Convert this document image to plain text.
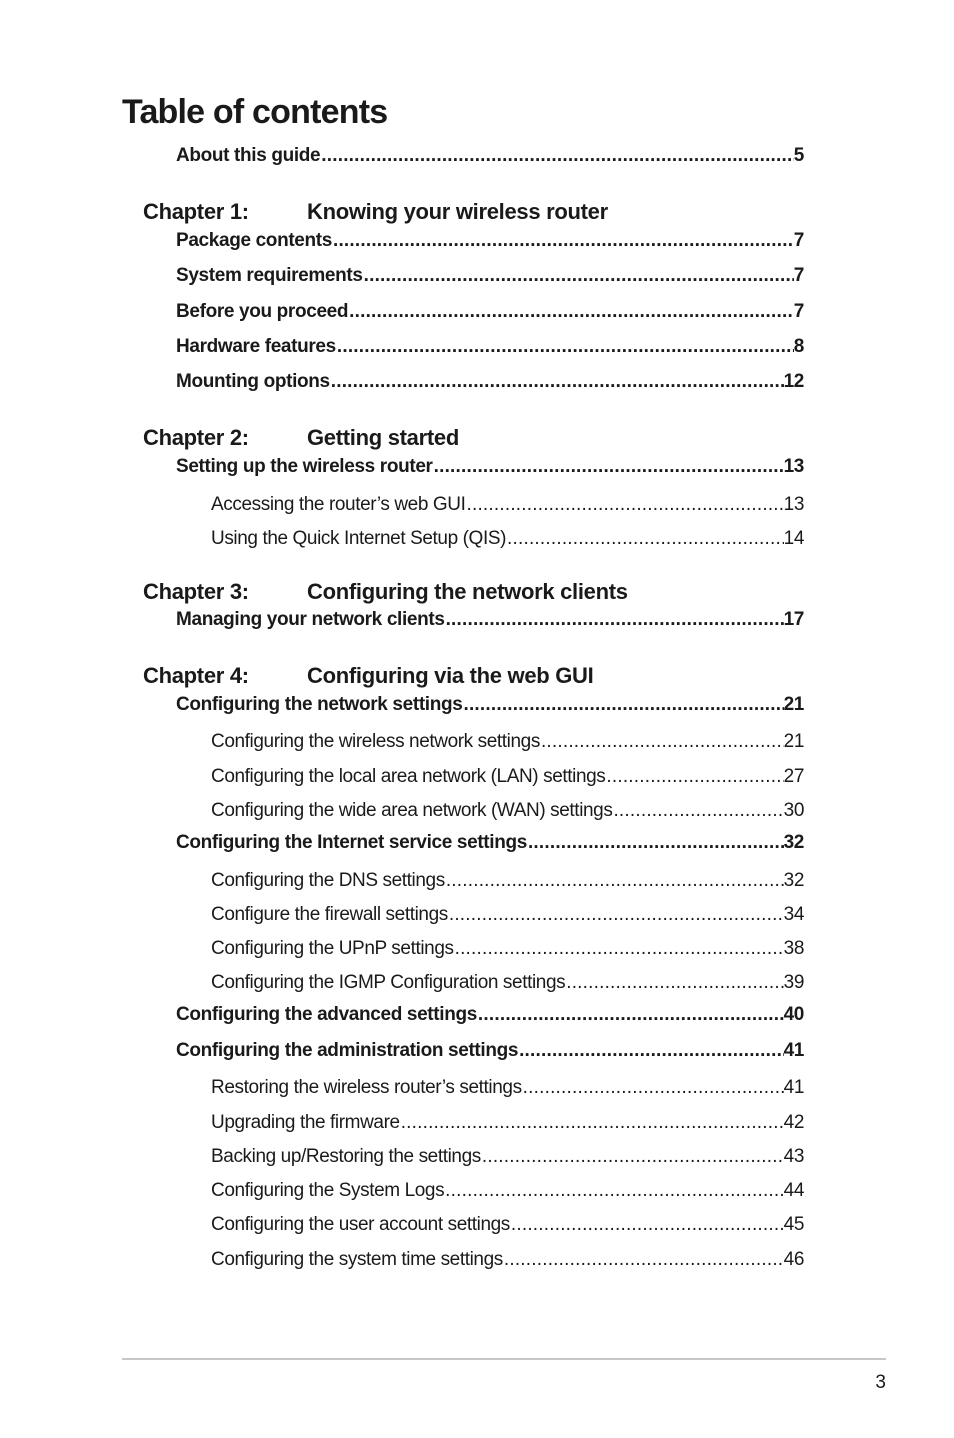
Table of contents
About this guide .....	5
Chapter 1:	Knowing your wireless router
Package contents .....	7
System requirements .....	7
Before you proceed .....	7
Hardware features .....	8
Mounting options .....	12
Chapter 2:	Getting started
Setting up the wireless router .....	13
Accessing the router’s web GUI .....	13
Using the Quick Internet Setup (QIS) .....	14
Chapter 3:	Configuring the network clients
Managing your network clients .....	17
Chapter 4:	Configuring via the web GUI
Configuring the network settings .....	21
Configuring the wireless network settings .....	21
Configuring the local area network (LAN) settings .....	27
Configuring the wide area network (WAN) settings .....	30
Configuring the Internet service settings .....	32
Configuring the DNS settings .....	32
Configure the firewall settings .....	34
Configuring the UPnP settings .....	38
Configuring the IGMP Configuration settings .....	39
Configuring the advanced settings .....	40
Configuring the administration settings .....	41
Restoring the wireless router’s settings .....	41
Upgrading the firmware .....	42
Backing up/Restoring the settings .....	43
Configuring the System Logs .....	44
Configuring the user account settings .....	45
Configuring the system time settings .....	46
3
